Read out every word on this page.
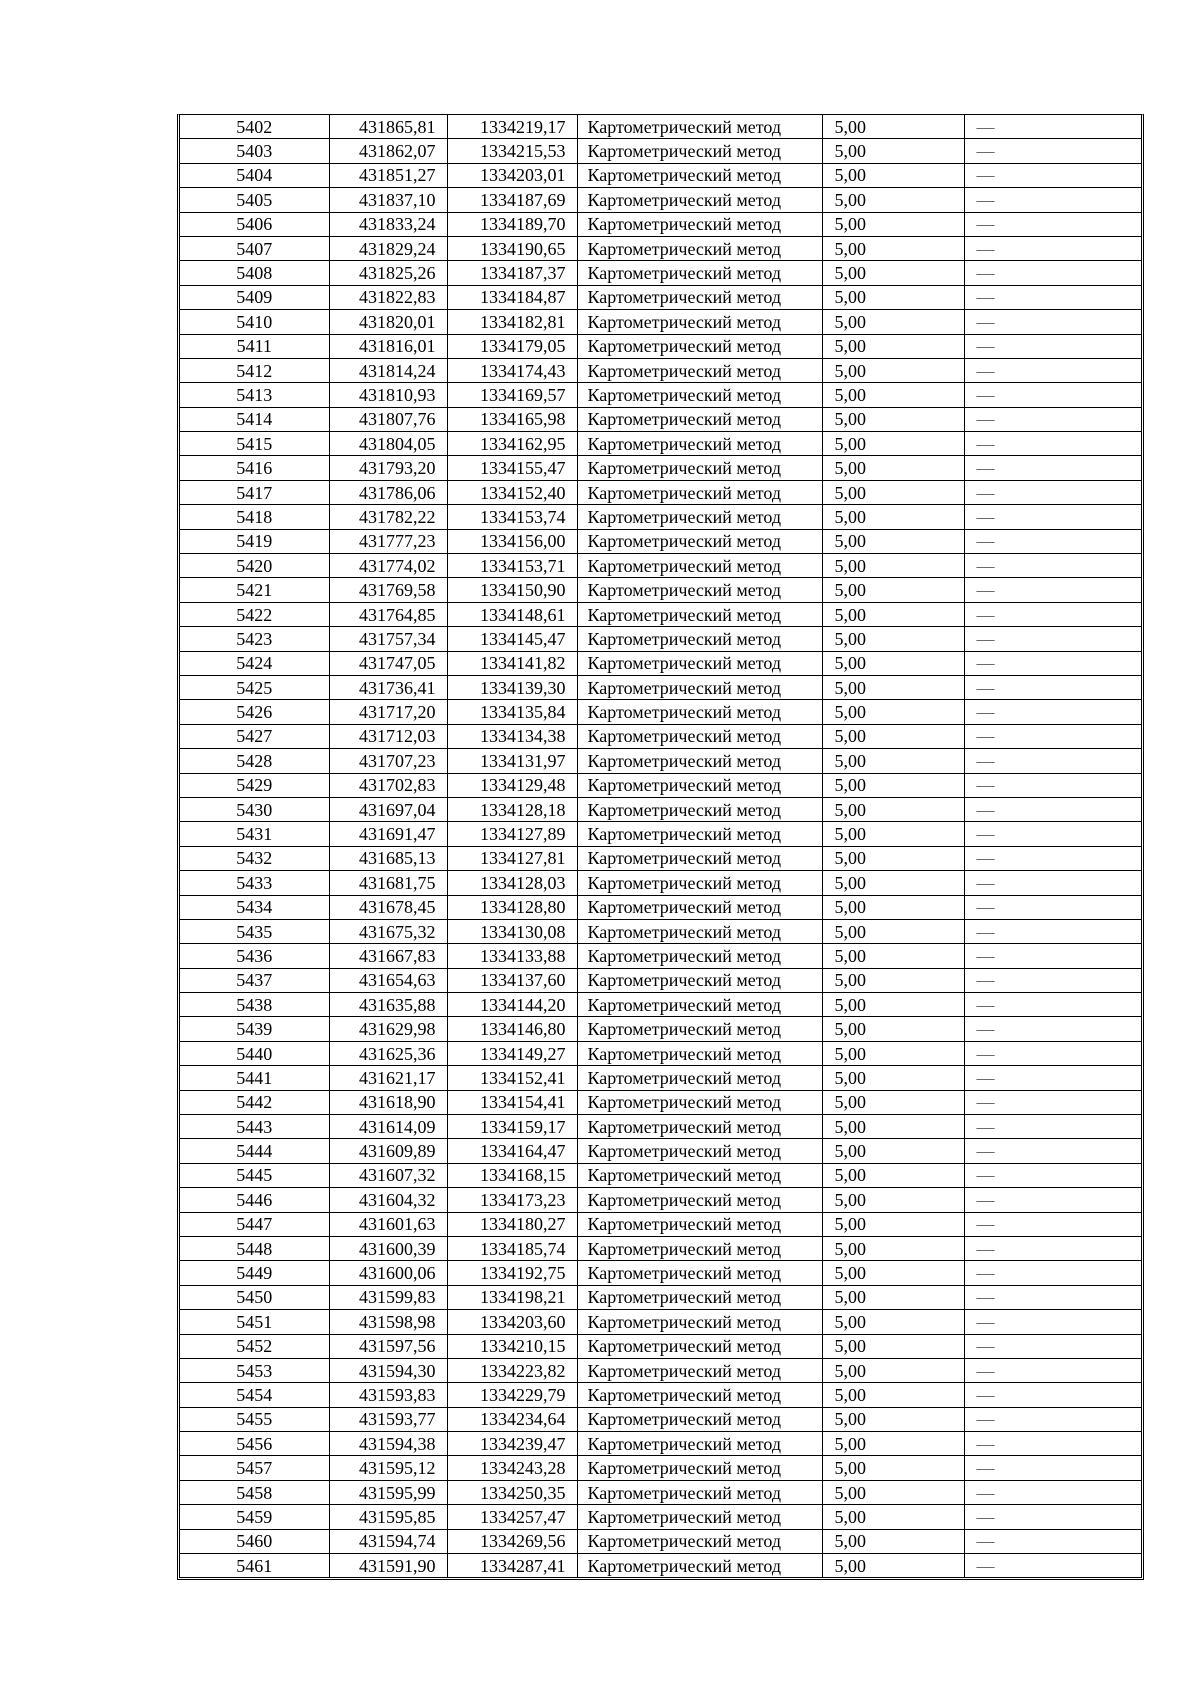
5402	431865,81	1334219,17	Картометрический метод	5,00	—
5403	431862,07	1334215,53	Картометрический метод	5,00	—
5404	431851,27	1334203,01	Картометрический метод	5,00	—
5405	431837,10	1334187,69	Картометрический метод	5,00	—
5406	431833,24	1334189,70	Картометрический метод	5,00	—
5407	431829,24	1334190,65	Картометрический метод	5,00	—
5408	431825,26	1334187,37	Картометрический метод	5,00	—
5409	431822,83	1334184,87	Картометрический метод	5,00	—
5410	431820,01	1334182,81	Картометрический метод	5,00	—
5411	431816,01	1334179,05	Картометрический метод	5,00	—
5412	431814,24	1334174,43	Картометрический метод	5,00	—
5413	431810,93	1334169,57	Картометрический метод	5,00	—
5414	431807,76	1334165,98	Картометрический метод	5,00	—
5415	431804,05	1334162,95	Картометрический метод	5,00	—
5416	431793,20	1334155,47	Картометрический метод	5,00	—
5417	431786,06	1334152,40	Картометрический метод	5,00	—
5418	431782,22	1334153,74	Картометрический метод	5,00	—
5419	431777,23	1334156,00	Картометрический метод	5,00	—
5420	431774,02	1334153,71	Картометрический метод	5,00	—
5421	431769,58	1334150,90	Картометрический метод	5,00	—
5422	431764,85	1334148,61	Картометрический метод	5,00	—
5423	431757,34	1334145,47	Картометрический метод	5,00	—
5424	431747,05	1334141,82	Картометрический метод	5,00	—
5425	431736,41	1334139,30	Картометрический метод	5,00	—
5426	431717,20	1334135,84	Картометрический метод	5,00	—
5427	431712,03	1334134,38	Картометрический метод	5,00	—
5428	431707,23	1334131,97	Картометрический метод	5,00	—
5429	431702,83	1334129,48	Картометрический метод	5,00	—
5430	431697,04	1334128,18	Картометрический метод	5,00	—
5431	431691,47	1334127,89	Картометрический метод	5,00	—
5432	431685,13	1334127,81	Картометрический метод	5,00	—
5433	431681,75	1334128,03	Картометрический метод	5,00	—
5434	431678,45	1334128,80	Картометрический метод	5,00	—
5435	431675,32	1334130,08	Картометрический метод	5,00	—
5436	431667,83	1334133,88	Картометрический метод	5,00	—
5437	431654,63	1334137,60	Картометрический метод	5,00	—
5438	431635,88	1334144,20	Картометрический метод	5,00	—
5439	431629,98	1334146,80	Картометрический метод	5,00	—
5440	431625,36	1334149,27	Картометрический метод	5,00	—
5441	431621,17	1334152,41	Картометрический метод	5,00	—
5442	431618,90	1334154,41	Картометрический метод	5,00	—
5443	431614,09	1334159,17	Картометрический метод	5,00	—
5444	431609,89	1334164,47	Картометрический метод	5,00	—
5445	431607,32	1334168,15	Картометрический метод	5,00	—
5446	431604,32	1334173,23	Картометрический метод	5,00	—
5447	431601,63	1334180,27	Картометрический метод	5,00	—
5448	431600,39	1334185,74	Картометрический метод	5,00	—
5449	431600,06	1334192,75	Картометрический метод	5,00	—
5450	431599,83	1334198,21	Картометрический метод	5,00	—
5451	431598,98	1334203,60	Картометрический метод	5,00	—
5452	431597,56	1334210,15	Картометрический метод	5,00	—
5453	431594,30	1334223,82	Картометрический метод	5,00	—
5454	431593,83	1334229,79	Картометрический метод	5,00	—
5455	431593,77	1334234,64	Картометрический метод	5,00	—
5456	431594,38	1334239,47	Картометрический метод	5,00	—
5457	431595,12	1334243,28	Картометрический метод	5,00	—
5458	431595,99	1334250,35	Картометрический метод	5,00	—
5459	431595,85	1334257,47	Картометрический метод	5,00	—
5460	431594,74	1334269,56	Картометрический метод	5,00	—
5461	431591,90	1334287,41	Картометрический метод	5,00	—
